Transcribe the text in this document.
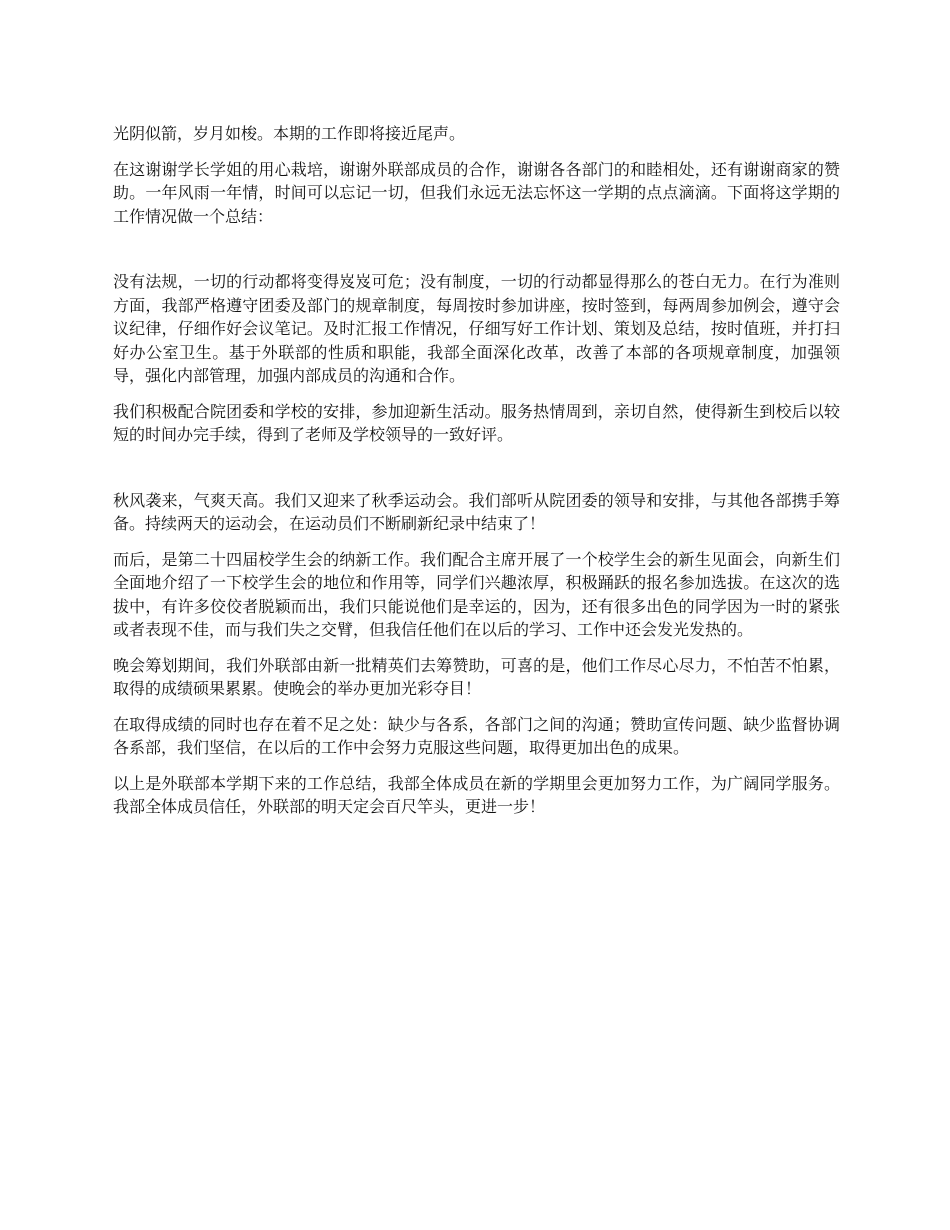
光阴似箭，岁月如梭。本期的工作即将接近尾声。

在这谢谢学长学姐的用心栽培，谢谢外联部成员的合作，谢谢各各部门的和睦相处，还有谢谢商家的赞助。一年风雨一年情，时间可以忘记一切，但我们永远无法忘怀这一学期的点点滴滴。下面将这学期的工作情况做一个总结：

没有法规，一切的行动都将变得岌岌可危；没有制度，一切的行动都显得那么的苍白无力。在行为准则方面，我部严格遵守团委及部门的规章制度，每周按时参加讲座，按时签到，每两周参加例会，遵守会议纪律，仔细作好会议笔记。及时汇报工作情况，仔细写好工作计划、策划及总结，按时值班，并打扫好办公室卫生。基于外联部的性质和职能，我部全面深化改革，改善了本部的各项规章制度，加强领导，强化内部管理，加强内部成员的沟通和合作。

我们积极配合院团委和学校的安排，参加迎新生活动。服务热情周到，亲切自然，使得新生到校后以较短的时间办完手续，得到了老师及学校领导的一致好评。

秋风袭来，气爽天高。我们又迎来了秋季运动会。我们部听从院团委的领导和安排，与其他各部携手筹备。持续两天的运动会，在运动员们不断刷新纪录中结束了！

而后，是第二十四届校学生会的纳新工作。我们配合主席开展了一个校学生会的新生见面会，向新生们全面地介绍了一下校学生会的地位和作用等，同学们兴趣浓厚，积极踊跃的报名参加选拔。在这次的选拔中，有许多佼佼者脱颖而出，我们只能说他们是幸运的，因为，还有很多出色的同学因为一时的紧张或者表现不佳，而与我们失之交臂，但我信任他们在以后的学习、工作中还会发光发热的。

晚会筹划期间，我们外联部由新一批精英们去筹赞助，可喜的是，他们工作尽心尽力，不怕苦不怕累，取得的成绩硕果累累。使晚会的举办更加光彩夺目！

在取得成绩的同时也存在着不足之处：缺少与各系，各部门之间的沟通；赞助宣传问题、缺少监督协调各系部，我们坚信，在以后的工作中会努力克服这些问题，取得更加出色的成果。

以上是外联部本学期下来的工作总结，我部全体成员在新的学期里会更加努力工作，为广阔同学服务。我部全体成员信任，外联部的明天定会百尺竿头，更进一步！
